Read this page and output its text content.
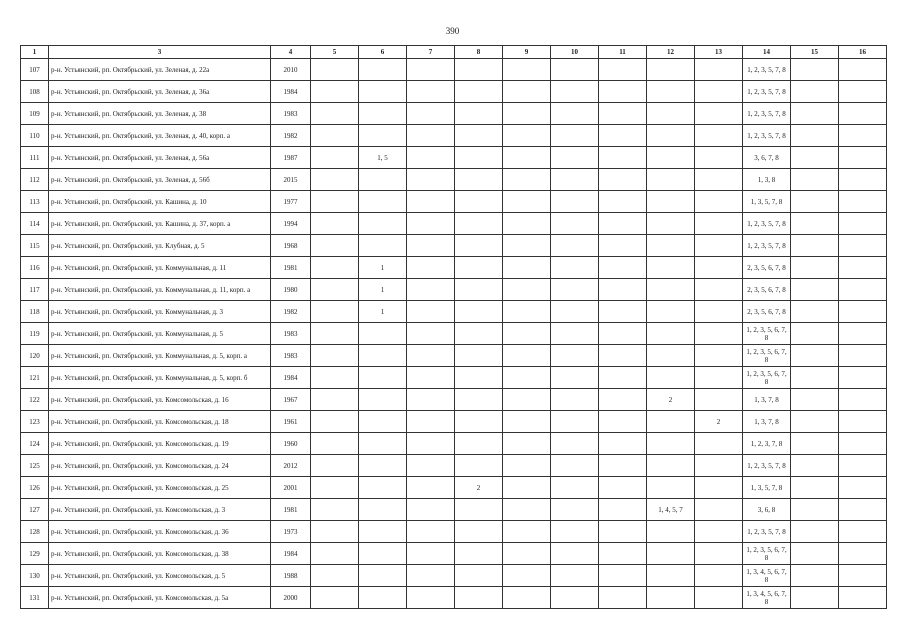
390
1	3	4	5	6	7	8	9	10	11	12	13	14	15	16
107	р-н. Устьянский, рп. Октябрьский, ул. Зеленая, д. 22а	2010										1, 2, 3, 5, 7, 8		
108	р-н. Устьянский, рп. Октябрьский, ул. Зеленая, д. 36а	1984										1, 2, 3, 5, 7, 8		
109	р-н. Устьянский, рп. Октябрьский, ул. Зеленая, д. 38	1983										1, 2, 3, 5, 7, 8		
110	р-н. Устьянский, рп. Октябрьский, ул. Зеленая, д. 40, корп. а	1982										1, 2, 3, 5, 7, 8		
111	р-н. Устьянский, рп. Октябрьский, ул. Зеленая, д. 56а	1987		1, 5								3, 6, 7, 8		
112	р-н. Устьянский, рп. Октябрьский, ул. Зеленая, д. 56б	2015										1, 3, 8		
113	р-н. Устьянский, рп. Октябрьский, ул. Кашина, д. 10	1977										1, 3, 5, 7, 8		
114	р-н. Устьянский, рп. Октябрьский, ул. Кашина, д. 37, корп. а	1994										1, 2, 3, 5, 7, 8		
115	р-н. Устьянский, рп. Октябрьский, ул. Клубная, д. 5	1968										1, 2, 3, 5, 7, 8		
116	р-н. Устьянский, рп. Октябрьский, ул. Коммунальная, д. 11	1981		1								2, 3, 5, 6, 7, 8		
117	р-н. Устьянский, рп. Октябрьский, ул. Коммунальная, д. 11, корп. а	1980		1								2, 3, 5, 6, 7, 8		
118	р-н. Устьянский, рп. Октябрьский, ул. Коммунальная, д. 3	1982		1								2, 3, 5, 6, 7, 8		
119	р-н. Устьянский, рп. Октябрьский, ул. Коммунальная, д. 5	1983										1, 2, 3, 5, 6, 7, 8		
120	р-н. Устьянский, рп. Октябрьский, ул. Коммунальная, д. 5, корп. а	1983										1, 2, 3, 5, 6, 7, 8		
121	р-н. Устьянский, рп. Октябрьский, ул. Коммунальная, д. 5, корп. б	1984										1, 2, 3, 5, 6, 7, 8		
122	р-н. Устьянский, рп. Октябрьский, ул. Комсомольская, д. 16	1967								2		1, 3, 7, 8		
123	р-н. Устьянский, рп. Октябрьский, ул. Комсомольская, д. 18	1961									2	1, 3, 7, 8		
124	р-н. Устьянский, рп. Октябрьский, ул. Комсомольская, д. 19	1960										1, 2, 3, 7, 8		
125	р-н. Устьянский, рп. Октябрьский, ул. Комсомольская, д. 24	2012										1, 2, 3, 5, 7, 8		
126	р-н. Устьянский, рп. Октябрьский, ул. Комсомольская, д. 25	2001				2						1, 3, 5, 7, 8		
127	р-н. Устьянский, рп. Октябрьский, ул. Комсомольская, д. 3	1981								1, 4, 5, 7		3, 6, 8		
128	р-н. Устьянский, рп. Октябрьский, ул. Комсомольская, д. 36	1973										1, 2, 3, 5, 7, 8		
129	р-н. Устьянский, рп. Октябрьский, ул. Комсомольская, д. 38	1984										1, 2, 3, 5, 6, 7, 8		
130	р-н. Устьянский, рп. Октябрьский, ул. Комсомольская, д. 5	1988										1, 3, 4, 5, 6, 7, 8		
131	р-н. Устьянский, рп. Октябрьский, ул. Комсомольская, д. 5а	2000										1, 3, 4, 5, 6, 7, 8		
